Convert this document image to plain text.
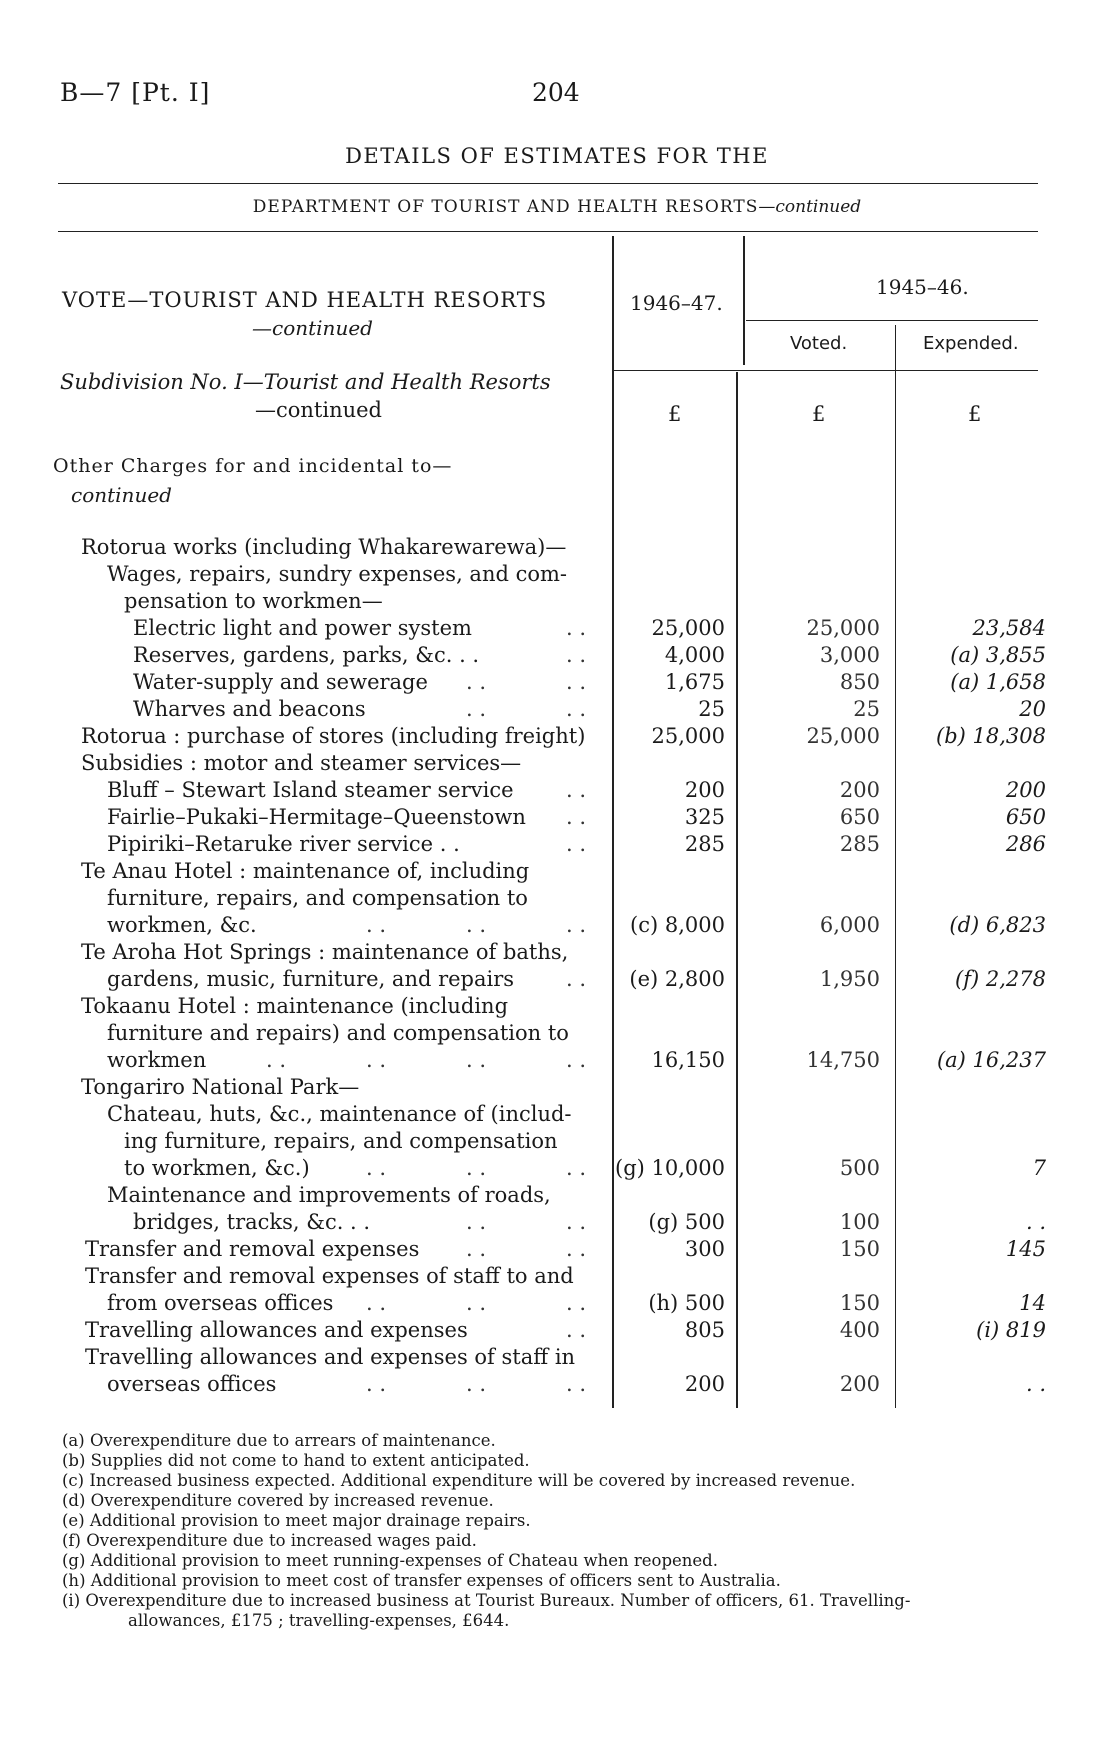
B—7 [Pt. I]	204
DETAILS OF ESTIMATES FOR THE
DEPARTMENT OF TOURIST AND HEALTH RESORTS—continued
VOTE—TOURIST AND HEALTH RESORTS
—continued
Subdivision No. I—Tourist and Health Resorts
—continued
1946–47.
1945–46.
Voted.	Expended.
£	£	£
Other Charges for and incidental to—
continued
Rotorua works (including Whakarewarewa)—
Wages, repairs, sundry expenses, and com-
pensation to workmen—
Electric light and power system	. .	25,000	25,000	23,584
Reserves, gardens, parks, &c. . .	. .	4,000	3,000	(a) 3,855
Water-supply and sewerage . .	. .	1,675	850	(a) 1,658
Wharves and beacons	. .	. .	25	25	20
Rotorua : purchase of stores (including freight)	25,000	25,000	(b) 18,308
Subsidies : motor and steamer services—
Bluff – Stewart Island steamer service . .	200	200	200
Fairlie–Pukaki–Hermitage–Queenstown . .	325	650	650
Pipiriki–Retaruke river service . .	. .	285	285	286
Te Anau Hotel : maintenance of, including
furniture, repairs, and compensation to
workmen, &c.	. .	. .	. . (c) 8,000	6,000	(d) 6,823
Te Aroha Hot Springs : maintenance of baths,
gardens, music, furniture, and repairs . . (e) 2,800	1,950	(f) 2,278
Tokaanu Hotel : maintenance (including
furniture and repairs) and compensation to
workmen	. .	. .	. .	. .	16,150	14,750	(a) 16,237
Tongariro National Park—
Chateau, huts, &c., maintenance of (includ-
ing furniture, repairs, and compensation
to workmen, &c.)	. .	. .	. . (g) 10,000	500	7
Maintenance and improvements of roads,
bridges, tracks, &c. . .	. .	. .	(g) 500	100	. .
Transfer and removal expenses . .	. .	300	150	145
Transfer and removal expenses of staff to and
from overseas offices . .	. .	. .	(h) 500	150	14
Travelling allowances and expenses	. .	805	400	(i) 819
Travelling allowances and expenses of staff in
overseas offices	. .	. .	. .	200	200	. .
(a) Overexpenditure due to arrears of maintenance.
(b) Supplies did not come to hand to extent anticipated.
(c) Increased business expected. Additional expenditure will be covered by increased revenue.
(d) Overexpenditure covered by increased revenue.
(e) Additional provision to meet major drainage repairs.
(f) Overexpenditure due to increased wages paid.
(g) Additional provision to meet running-expenses of Chateau when reopened.
(h) Additional provision to meet cost of transfer expenses of officers sent to Australia.
(i) Overexpenditure due to increased business at Tourist Bureaux. Number of officers, 61. Travelling-
allowances, £175 ; travelling-expenses, £644.
